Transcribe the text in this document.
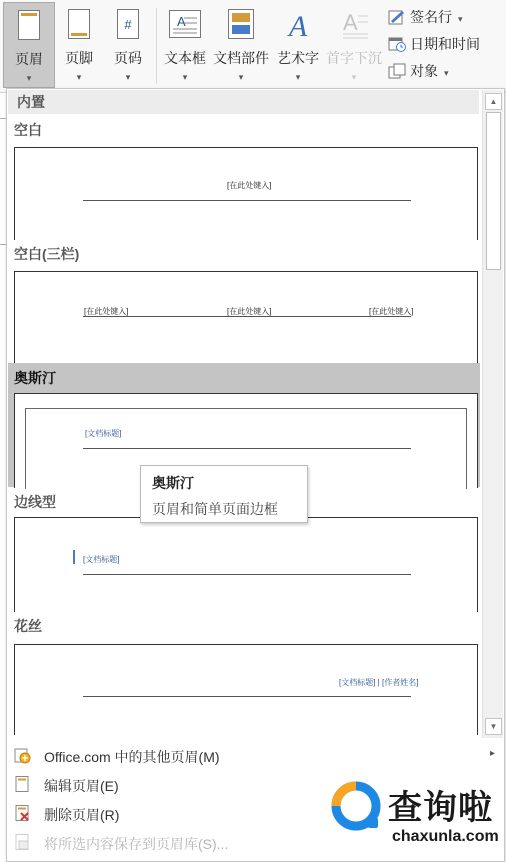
页眉
▾
页脚
▾
#
页码
▾
A
文本框
▾
文档部件
▾
A
艺术字
▾
A
首字下沉
▾
签名行 ▾
日期和时间
对象 ▾
内置
空白
[在此处键入]
空白(三栏)
[在此处键入]	[在此处键入]	[在此处键入]
奥斯汀
[文档标题]
边线型
[文档标题]
花丝
[文档标题] | [作者姓名]
▲
▼
Office.com 中的其他页眉(M)	▸
编辑页眉(E)
删除页眉(R)
将所选内容保存到页眉库(S)...
奥斯汀
页眉和简单页面边框
查询啦
chaxunla.com
